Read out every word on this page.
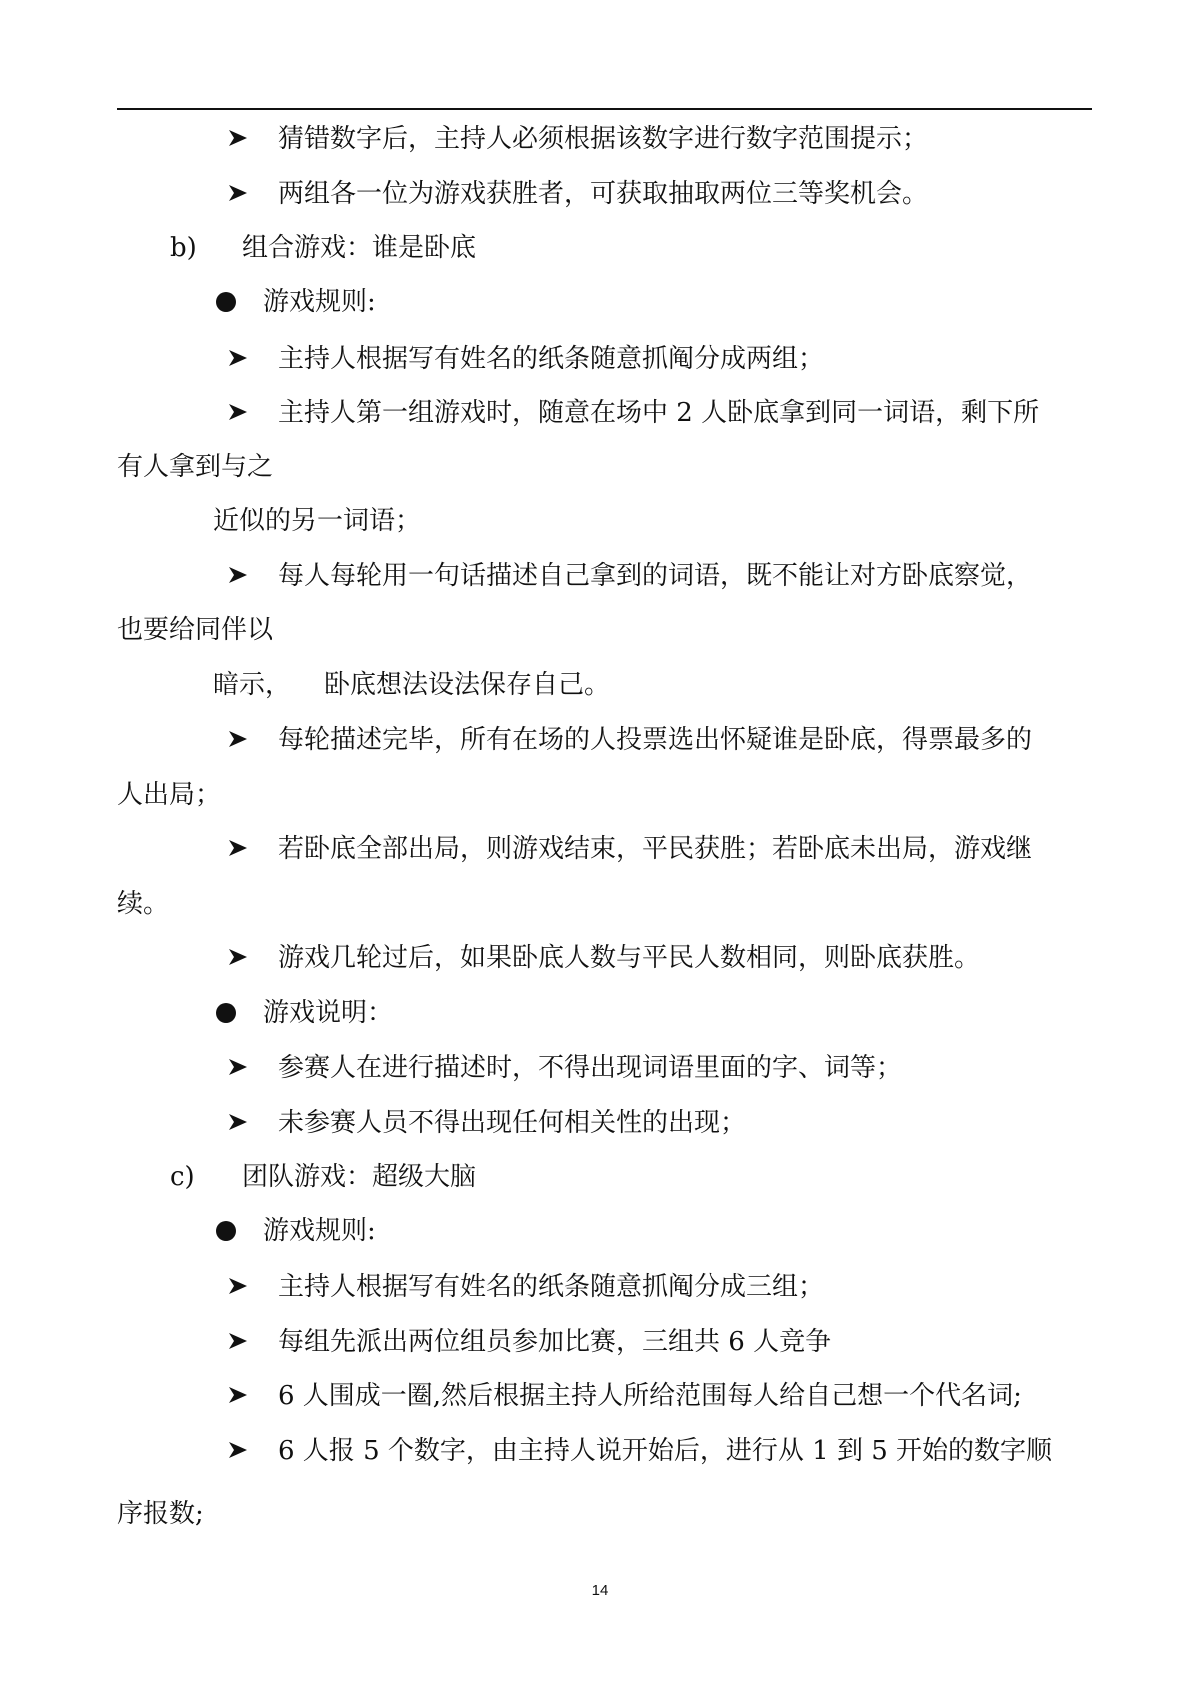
猜错数字后，主持人必须根据该数字进行数字范围提示；
两组各一位为游戏获胜者，可获取抽取两位三等奖机会。
b) 组合游戏：谁是卧底
游戏规则:
主持人根据写有姓名的纸条随意抓阄分成两组；
主持人第一组游戏时，随意在场中 2 人卧底拿到同一词语，剩下所
有人拿到与之
近似的另一词语；
每人每轮用一句话描述自己拿到的词语，既不能让对方卧底察觉，
也要给同伴以
暗示，    卧底想法设法保存自己。
每轮描述完毕，所有在场的人投票选出怀疑谁是卧底，得票最多的
人出局；
若卧底全部出局，则游戏结束，平民获胜；若卧底未出局，游戏继
续。
游戏几轮过后，如果卧底人数与平民人数相同，则卧底获胜。
游戏说明：
参赛人在进行描述时，不得出现词语里面的字、词等；
未参赛人员不得出现任何相关性的出现；
c) 团队游戏：超级大脑
游戏规则:
主持人根据写有姓名的纸条随意抓阄分成三组；
每组先派出两位组员参加比赛，三组共 6 人竞争
6 人围成一圈,然后根据主持人所给范围每人给自己想一个代名词;
6 人报 5 个数字，由主持人说开始后，进行从 1 到 5 开始的数字顺
序报数;
14
